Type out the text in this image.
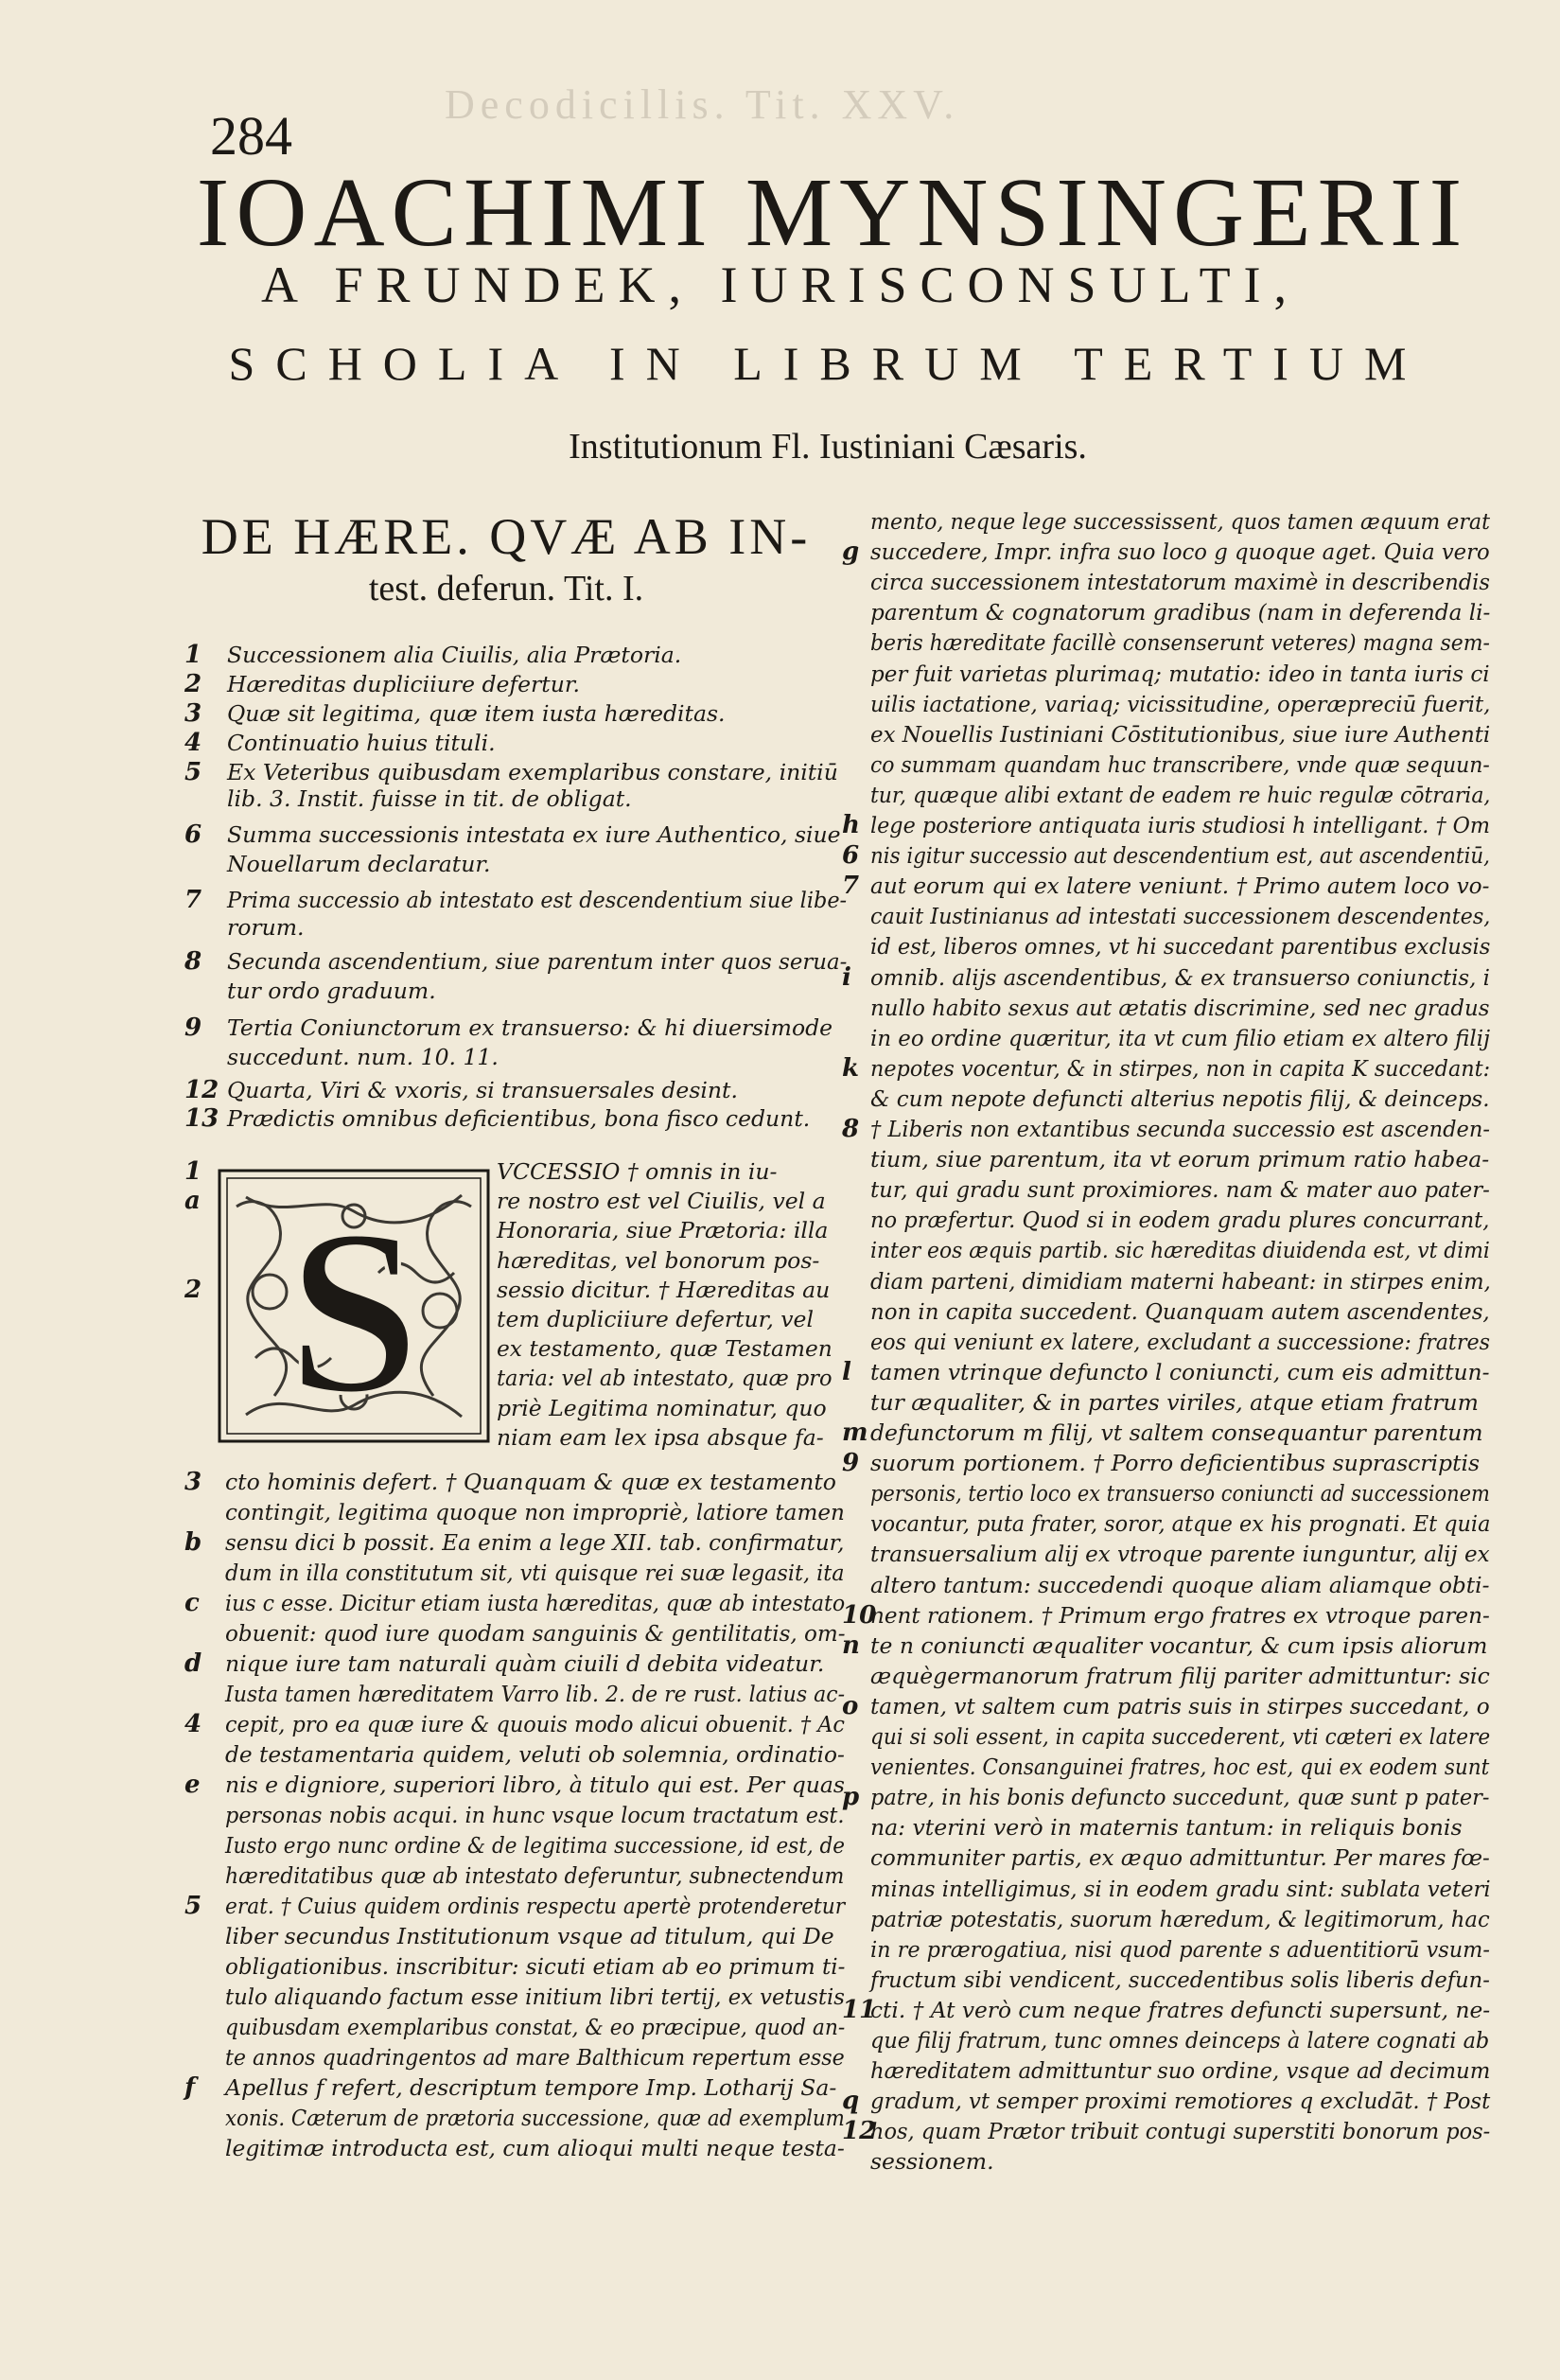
Decodicillis. Tit. XXV.
284
IOACHIMI MYNSINGERII
A FRUNDEK, IURISCONSULTI,
SCHOLIA IN LIBRUM TERTIUM
Institutionum Fl. Iustiniani Cæsaris.
DE HÆRE. QVÆ AB IN-
test. deferun. Tit. I.
S
1 Successionem alia Ciuilis, alia Prætoria.
2 Hæreditas dupliciiure defertur.
3 Quæ sit legitima, quæ item iusta hæreditas.
4 Continuatio huius tituli.
5 Ex Veteribus quibusdam exemplaribus constare, initiū
lib. 3. Instit. fuisse in tit. de obligat.
6 Summa successionis intestata ex iure Authentico, siue
Nouellarum declaratur.
7 Prima successio ab intestato est descendentium siue libe-
rorum.
8 Secunda ascendentium, siue parentum inter quos serua-
tur ordo graduum.
9 Tertia Coniunctorum ex transuerso: & hi diuersimode
succedunt. num. 10. 11.
12 Quarta, Viri & vxoris, si transuersales desint.
13 Prædictis omnibus deficientibus, bona fisco cedunt.
1	VCCESSIO † omnis in iu-
a	re nostro est vel Ciuilis, vel a
Honoraria, siue Prætoria: illa
hæreditas, vel bonorum pos-
2	sessio dicitur. † Hæreditas au
tem dupliciiure defertur, vel
ex testamento, quæ Testamen
taria: vel ab intestato, quæ pro
priè Legitima nominatur, quo
niam eam lex ipsa absque fa-
3 cto hominis defert. † Quanquam & quæ ex testamento
contingit, legitima quoque non impropriè, latiore tamen
b sensu dici b possit. Ea enim a lege XII. tab. confirmatur,
dum in illa constitutum sit, vti quisque rei suæ legasit, ita
c ius c esse. Dicitur etiam iusta hæreditas, quæ ab intestato
obuenit: quod iure quodam sanguinis & gentilitatis, om-
d nique iure tam naturali quàm ciuili d debita videatur.
Iusta tamen hæreditatem Varro lib. 2. de re rust. latius ac-
4 cepit, pro ea quæ iure & quouis modo alicui obuenit. † Ac
de testamentaria quidem, veluti ob solemnia, ordinatio-
e nis e digniore, superiori libro, à titulo qui est. Per quas
personas nobis acqui. in hunc vsque locum tractatum est.
Iusto ergo nunc ordine & de legitima successione, id est, de
hæreditatibus quæ ab intestato deferuntur, subnectendum
5 erat. † Cuius quidem ordinis respectu apertè protenderetur
liber secundus Institutionum vsque ad titulum, qui De
obligationibus. inscribitur: sicuti etiam ab eo primum ti-
tulo aliquando factum esse initium libri tertij, ex vetustis
quibusdam exemplaribus constat, & eo præcipue, quod an-
te annos quadringentos ad mare Balthicum repertum esse
f Apellus f refert, descriptum tempore Imp. Lotharij Sa-
xonis. Cæterum de prætoria successione, quæ ad exemplum
legitimæ introducta est, cum alioqui multi neque testa-
mento, neque lege successissent, quos tamen æquum erat
g succedere, Impr. infra suo loco g quoque aget. Quia vero
circa successionem intestatorum maximè in describendis
parentum & cognatorum gradibus (nam in deferenda li-
beris hæreditate facillè consenserunt veteres) magna sem-
per fuit varietas plurimaq; mutatio: ideo in tanta iuris ci
uilis iactatione, variaq; vicissitudine, operæpreciū fuerit,
ex Nouellis Iustiniani Cōstitutionibus, siue iure Authenti
co summam quandam huc transcribere, vnde quæ sequun-
tur, quæque alibi extant de eadem re huic regulæ cōtraria,
h lege posteriore antiquata iuris studiosi h intelligant. † Om
6 nis igitur successio aut descendentium est, aut ascendentiū,
7 aut eorum qui ex latere veniunt. † Primo autem loco vo-
cauit Iustinianus ad intestati successionem descendentes,
id est, liberos omnes, vt hi succedant parentibus exclusis
i omnib. alijs ascendentibus, & ex transuerso coniunctis, i
nullo habito sexus aut ætatis discrimine, sed nec gradus
in eo ordine quæritur, ita vt cum filio etiam ex altero filij
k nepotes vocentur, & in stirpes, non in capita K succedant:
& cum nepote defuncti alterius nepotis filij, & deinceps.
8 † Liberis non extantibus secunda successio est ascenden-
tium, siue parentum, ita vt eorum primum ratio habea-
tur, qui gradu sunt proximiores. nam & mater auo pater-
no præfertur. Quod si in eodem gradu plures concurrant,
inter eos æquis partib. sic hæreditas diuidenda est, vt dimi
diam parteni, dimidiam materni habeant: in stirpes enim,
non in capita succedent. Quanquam autem ascendentes,
eos qui veniunt ex latere, excludant a successione: fratres
l tamen vtrinque defuncto l coniuncti, cum eis admittun-
tur æqualiter, & in partes viriles, atque etiam fratrum
m defunctorum m filij, vt saltem consequantur parentum
9 suorum portionem. † Porro deficientibus suprascriptis
personis, tertio loco ex transuerso coniuncti ad successionem
vocantur, puta frater, soror, atque ex his prognati. Et quia
transuersalium alij ex vtroque parente iunguntur, alij ex
altero tantum: succedendi quoque aliam aliamque obti-
10
nent rationem. † Primum ergo fratres ex vtroque paren-
n te n coniuncti æqualiter vocantur, & cum ipsis aliorum
æquègermanorum fratrum filij pariter admittuntur: sic
o tamen, vt saltem cum patris suis in stirpes succedant, o
qui si soli essent, in capita succederent, vti cæteri ex latere
venientes. Consanguinei fratres, hoc est, qui ex eodem sunt
p patre, in his bonis defuncto succedunt, quæ sunt p pater-
na: vterini verò in maternis tantum: in reliquis bonis
communiter partis, ex æquo admittuntur. Per mares fœ-
minas intelligimus, si in eodem gradu sint: sublata veteri
patriæ potestatis, suorum hæredum, & legitimorum, hac
in re prærogatiua, nisi quod parente s aduentitiorū vsum-
fructum sibi vendicent, succedentibus solis liberis defun-
11
cti. † At verò cum neque fratres defuncti supersunt, ne-
que filij fratrum, tunc omnes deinceps à latere cognati ab
hæreditatem admittuntur suo ordine, vsque ad decimum
q gradum, vt semper proximi remotiores q excludāt. † Post
12
hos, quam Prætor tribuit contugi superstiti bonorum pos-
sessionem.
